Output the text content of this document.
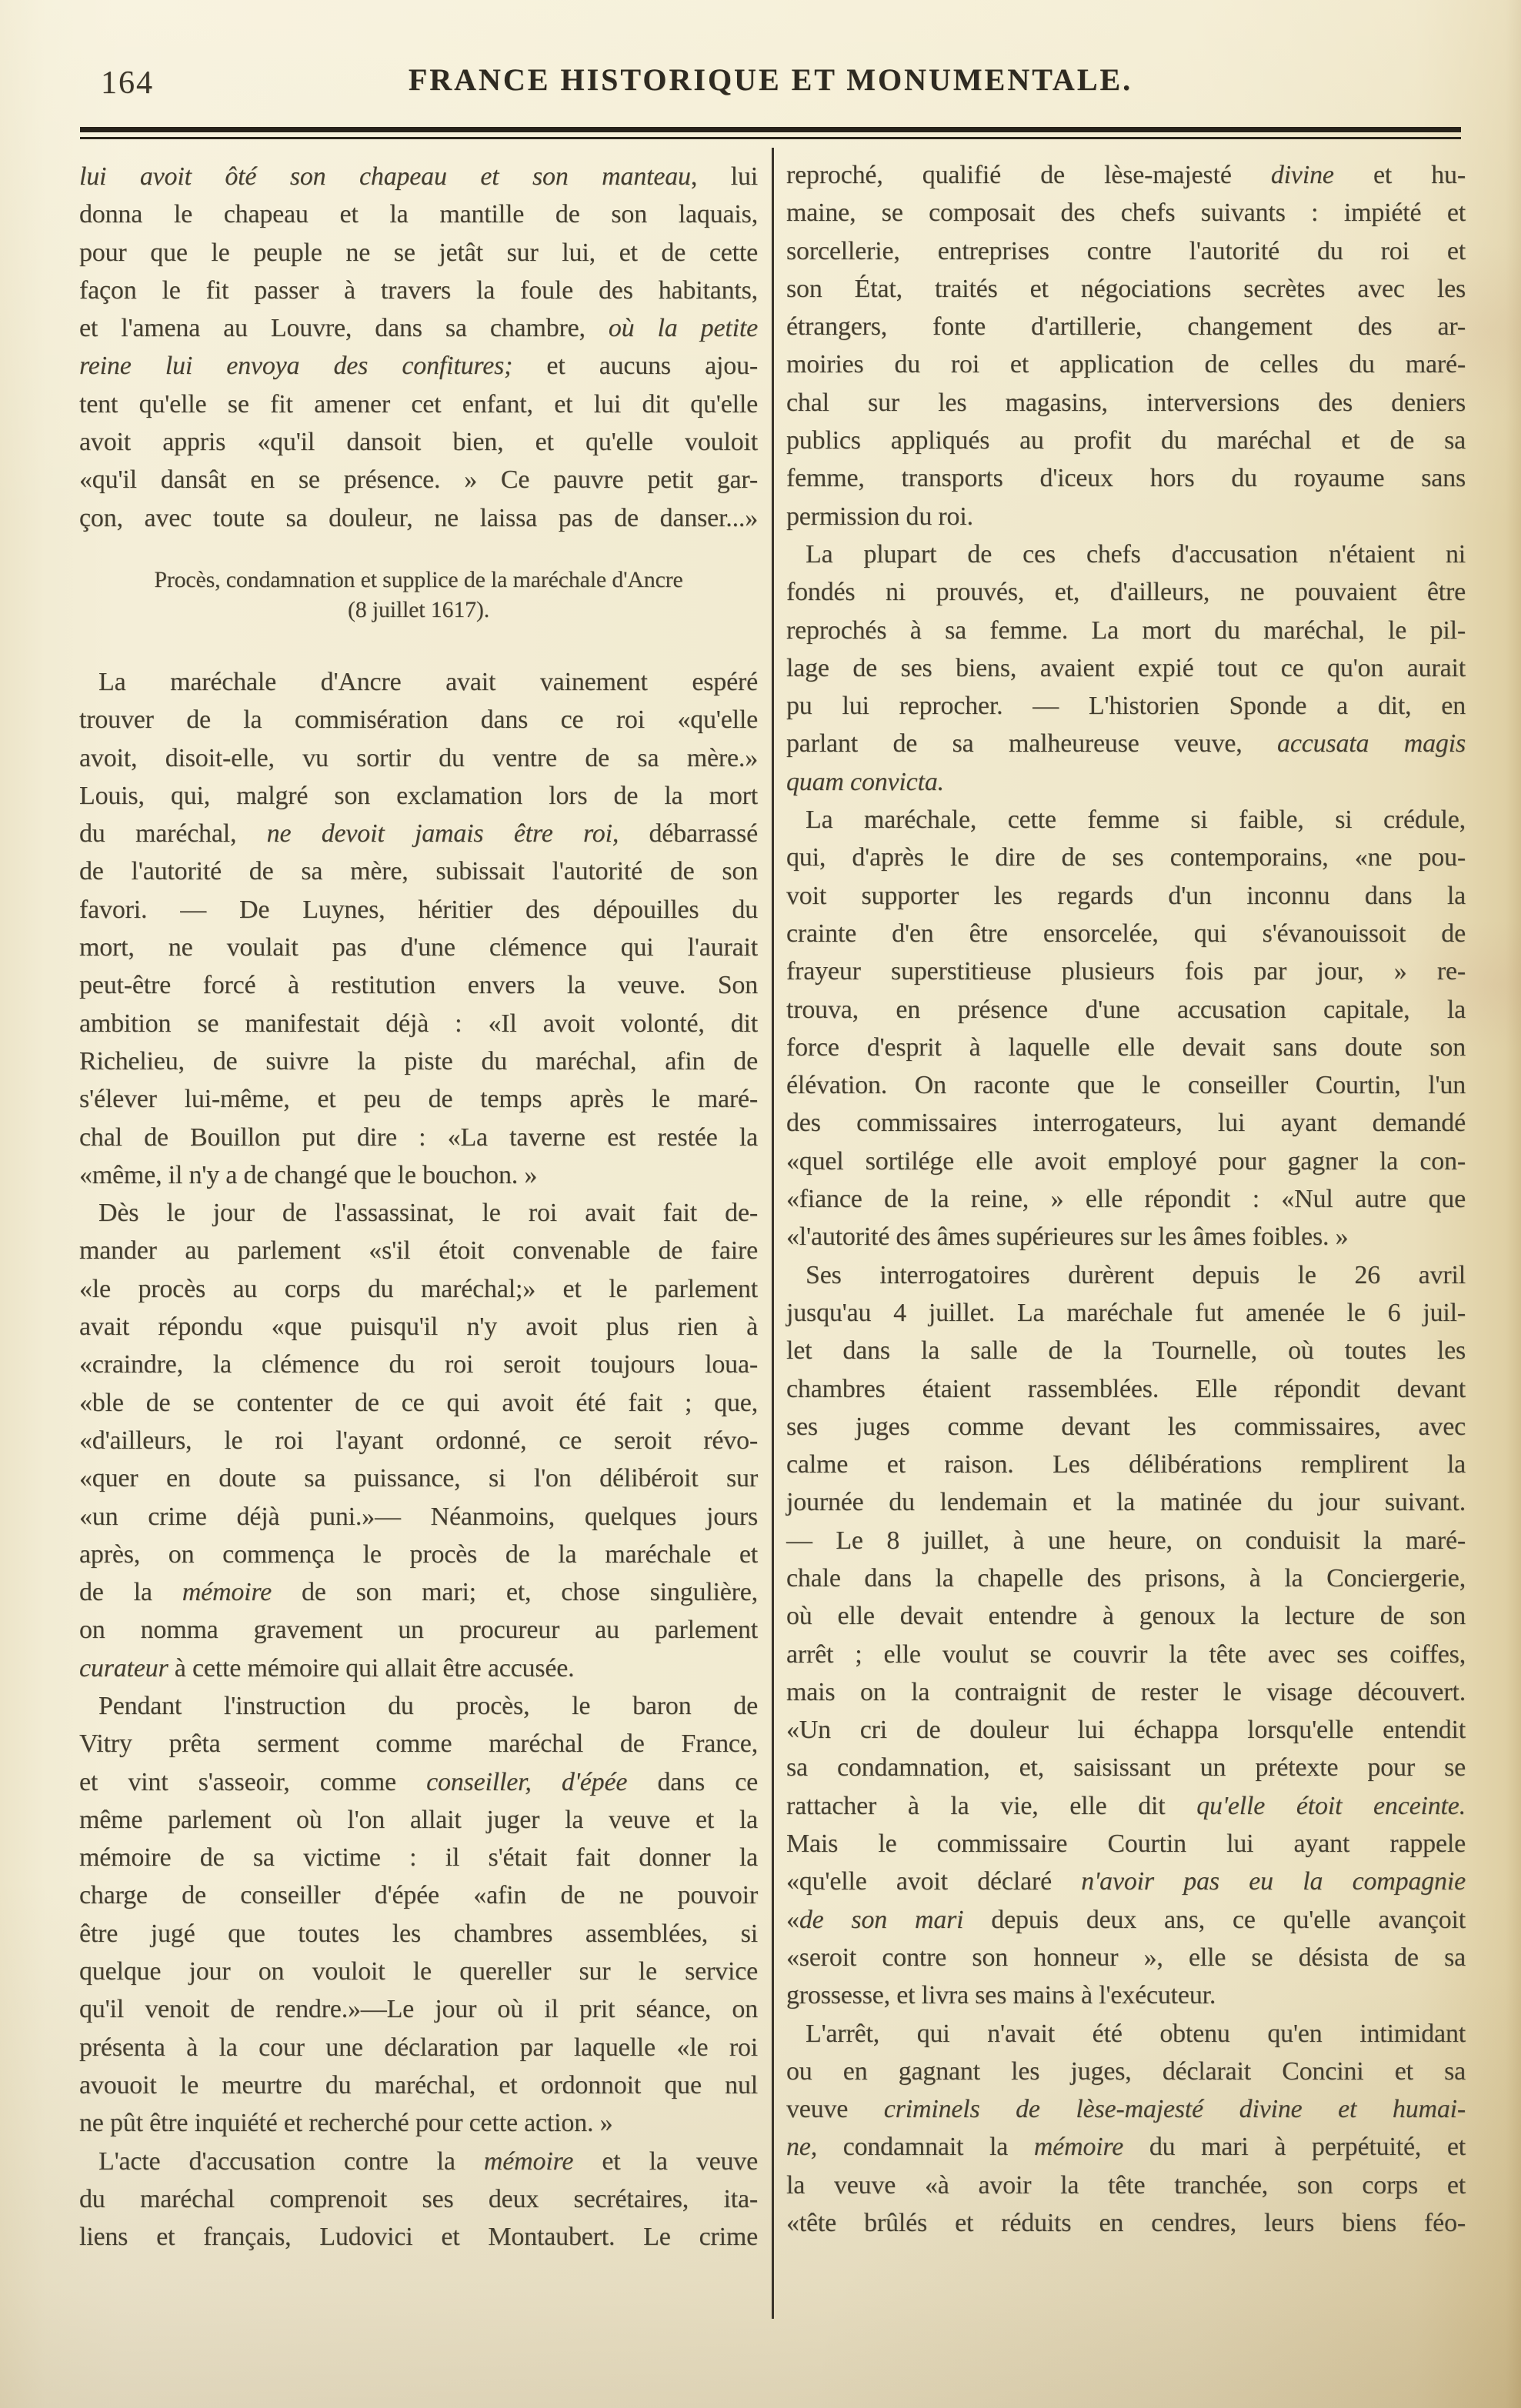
164	FRANCE HISTORIQUE ET MONUMENTALE.
lui avoit ôté son chapeau et son manteau, lui
donna le chapeau et la mantille de son laquais,
pour que le peuple ne se jetât sur lui, et de cette
façon le fit passer à travers la foule des habitants,
et l'amena au Louvre, dans sa chambre, où la petite
reine lui envoya des confitures; et aucuns ajou-
tent qu'elle se fit amener cet enfant, et lui dit qu'elle
avoit appris «qu'il dansoit bien, et qu'elle vouloit
«qu'il dansât en se présence. » Ce pauvre petit gar-
çon, avec toute sa douleur, ne laissa pas de danser...»
Procès, condamnation et supplice de la maréchale d'Ancre
(8 juillet 1617).
La maréchale d'Ancre avait vainement espéré
trouver de la commisération dans ce roi «qu'elle
avoit, disoit-elle, vu sortir du ventre de sa mère.»
Louis, qui, malgré son exclamation lors de la mort
du maréchal, ne devoit jamais être roi, débarrassé
de l'autorité de sa mère, subissait l'autorité de son
favori. — De Luynes, héritier des dépouilles du
mort, ne voulait pas d'une clémence qui l'aurait
peut-être forcé à restitution envers la veuve. Son
ambition se manifestait déjà : «Il avoit volonté, dit
Richelieu, de suivre la piste du maréchal, afin de
s'élever lui-même, et peu de temps après le maré-
chal de Bouillon put dire : «La taverne est restée la
«même, il n'y a de changé que le bouchon. »
Dès le jour de l'assassinat, le roi avait fait de-
mander au parlement «s'il étoit convenable de faire
«le procès au corps du maréchal;» et le parlement
avait répondu «que puisqu'il n'y avoit plus rien à
«craindre, la clémence du roi seroit toujours loua-
«ble de se contenter de ce qui avoit été fait ; que,
«d'ailleurs, le roi l'ayant ordonné, ce seroit révo-
«quer en doute sa puissance, si l'on délibéroit sur
«un crime déjà puni.»— Néanmoins, quelques jours
après, on commença le procès de la maréchale et
de la mémoire de son mari; et, chose singulière,
on nomma gravement un procureur au parlement
curateur à cette mémoire qui allait être accusée.
Pendant l'instruction du procès, le baron de
Vitry prêta serment comme maréchal de France,
et vint s'asseoir, comme conseiller, d'épée dans ce
même parlement où l'on allait juger la veuve et la
mémoire de sa victime : il s'était fait donner la
charge de conseiller d'épée «afin de ne pouvoir
être jugé que toutes les chambres assemblées, si
quelque jour on vouloit le quereller sur le service
qu'il venoit de rendre.»—Le jour où il prit séance, on
présenta à la cour une déclaration par laquelle «le roi
avouoit le meurtre du maréchal, et ordonnoit que nul
ne pût être inquiété et recherché pour cette action. »
L'acte d'accusation contre la mémoire et la veuve
du maréchal comprenoit ses deux secrétaires, ita-
liens et français, Ludovici et Montaubert. Le crime
reproché, qualifié de lèse-majesté divine et hu-
maine, se composait des chefs suivants : impiété et
sorcellerie, entreprises contre l'autorité du roi et
son État, traités et négociations secrètes avec les
étrangers, fonte d'artillerie, changement des ar-
moiries du roi et application de celles du maré-
chal sur les magasins, interversions des deniers
publics appliqués au profit du maréchal et de sa
femme, transports d'iceux hors du royaume sans
permission du roi.
La plupart de ces chefs d'accusation n'étaient ni
fondés ni prouvés, et, d'ailleurs, ne pouvaient être
reprochés à sa femme. La mort du maréchal, le pil-
lage de ses biens, avaient expié tout ce qu'on aurait
pu lui reprocher. — L'historien Sponde a dit, en
parlant de sa malheureuse veuve, accusata magis
quam convicta.
La maréchale, cette femme si faible, si crédule,
qui, d'après le dire de ses contemporains, «ne pou-
voit supporter les regards d'un inconnu dans la
crainte d'en être ensorcelée, qui s'évanouissoit de
frayeur superstitieuse plusieurs fois par jour, » re-
trouva, en présence d'une accusation capitale, la
force d'esprit à laquelle elle devait sans doute son
élévation. On raconte que le conseiller Courtin, l'un
des commissaires interrogateurs, lui ayant demandé
«quel sortilége elle avoit employé pour gagner la con-
«fiance de la reine, » elle répondit : «Nul autre que
«l'autorité des âmes supérieures sur les âmes foibles. »
Ses interrogatoires durèrent depuis le 26 avril
jusqu'au 4 juillet. La maréchale fut amenée le 6 juil-
let dans la salle de la Tournelle, où toutes les
chambres étaient rassemblées. Elle répondit devant
ses juges comme devant les commissaires, avec
calme et raison. Les délibérations remplirent la
journée du lendemain et la matinée du jour suivant.
— Le 8 juillet, à une heure, on conduisit la maré-
chale dans la chapelle des prisons, à la Conciergerie,
où elle devait entendre à genoux la lecture de son
arrêt ; elle voulut se couvrir la tête avec ses coiffes,
mais on la contraignit de rester le visage découvert.
«Un cri de douleur lui échappa lorsqu'elle entendit
sa condamnation, et, saisissant un prétexte pour se
rattacher à la vie, elle dit qu'elle étoit enceinte.
Mais le commissaire Courtin lui ayant rappele
«qu'elle avoit déclaré n'avoir pas eu la compagnie
«de son mari depuis deux ans, ce qu'elle avançoit
«seroit contre son honneur », elle se désista de sa
grossesse, et livra ses mains à l'exécuteur.
L'arrêt, qui n'avait été obtenu qu'en intimidant
ou en gagnant les juges, déclarait Concini et sa
veuve criminels de lèse-majesté divine et humai-
ne, condamnait la mémoire du mari à perpétuité, et
la veuve «à avoir la tête tranchée, son corps et
«tête brûlés et réduits en cendres, leurs biens féo-
